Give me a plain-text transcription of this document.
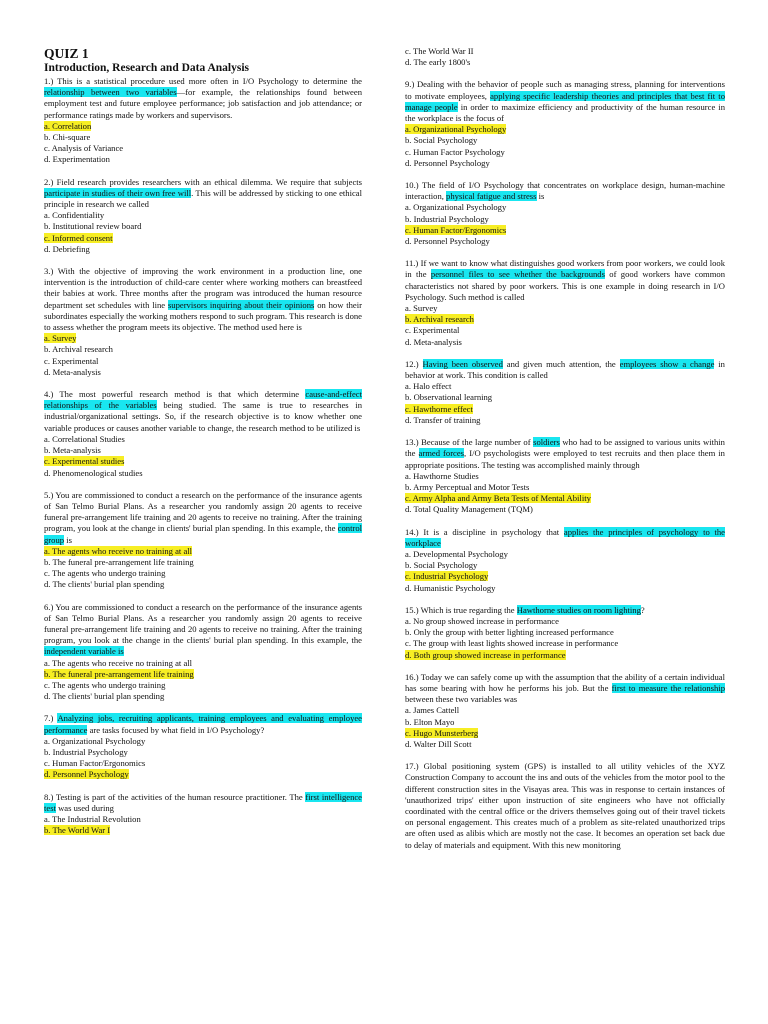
QUIZ 1

Introduction, Research and Data Analysis

1.) This is a statistical procedure used more often in I/O Psychology to determine the relationship between two variables—for example, the relationships found between employment test and future employee performance; job satisfaction and job attendance; or performance ratings made by workers and supervisors.

a. Correlation
b. Chi-square
c. Analysis of Variance
d. Experimentation

2.) Field research provides researchers with an ethical dilemma. We require that subjects participate in studies of their own free will. This will be addressed by sticking to one ethical principle in research we called

a. Confidentiality
b. Institutional review board
c. Informed consent
d. Debriefing

3.) With the objective of improving the work environment in a production line, one intervention is the introduction of child-care center where working mothers can breastfeed their babies at work. Three months after the program was introduced the human resource department set schedules with line supervisors inquiring about their opinions on how their subordinates especially the working mothers respond to such program. This research is done to assess whether the program meets its objective. The method used here is

a. Survey
b. Archival research
c. Experimental
d. Meta-analysis

4.) The most powerful research method is that which determine cause-and-effect relationships of the variables being studied. The same is true to researches in industrial/organizational settings. So, if the research objective is to know whether one variable produces or causes another variable to change, the research method to be utilized is

a. Correlational Studies
b. Meta-analysis
c. Experimental studies
d. Phenomenological studies

5.) You are commissioned to conduct a research on the performance of the insurance agents of San Telmo Burial Plans. As a researcher you randomly assign 20 agents to receive funeral pre-arrangement life training and 20 agents to receive no training. After the training program, you look at the change in clients' burial plan spending. In this example, the control group is

a. The agents who receive no training at all
b. The funeral pre-arrangement life training
c. The agents who undergo training
d. The clients' burial plan spending

6.) You are commissioned to conduct a research on the performance of the insurance agents of San Telmo Burial Plans. As a researcher you randomly assign 20 agents to receive funeral pre-arrangement life training and 20 agents to receive no training. After the training program, you look at the change in the clients' burial plan spending. In this example, the independent variable is

a. The agents who receive no training at all
b. The funeral pre-arrangement life training
c. The agents who undergo training
d. The clients' burial plan spending

7.) Analyzing jobs, recruiting applicants, training employees and evaluating employee performance are tasks focused by what field in I/O Psychology?

a. Organizational Psychology
b. Industrial Psychology
c. Human Factor/Ergonomics
d. Personnel Psychology

8.) Testing is part of the activities of the human resource practitioner. The first intelligence test was used during

a. The Industrial Revolution
b. The World War I
c. The World War II
d. The early 1800's

9.) Dealing with the behavior of people such as managing stress, planning for interventions to motivate employees, applying specific leadership theories and principles that best fit to manage people in order to maximize efficiency and productivity of the human resource in the workplace is the focus of

a. Organizational Psychology
b. Social Psychology
c. Human Factor Psychology
d. Personnel Psychology

10.) The field of I/O Psychology that concentrates on workplace design, human-machine interaction, physical fatigue and stress is

a. Organizational Psychology
b. Industrial Psychology
c. Human Factor/Ergonomics
d. Personnel Psychology

11.) If we want to know what distinguishes good workers from poor workers, we could look in the personnel files to see whether the backgrounds of good workers have common characteristics not shared by poor workers. This is one example in doing research in I/O Psychology. Such method is called

a. Survey
b. Archival research
c. Experimental
d. Meta-analysis

12.) Having been observed and given much attention, the employees show a change in behavior at work. This condition is called

a. Halo effect
b. Observational learning
c. Hawthorne effect
d. Transfer of training

13.) Because of the large number of soldiers who had to be assigned to various units within the armed forces, I/O psychologists were employed to test recruits and then place them in appropriate positions. The testing was accomplished mainly through

a. Hawthorne Studies
b. Army Perceptual and Motor Tests
c. Army Alpha and Army Beta Tests of Mental Ability
d. Total Quality Management (TQM)

14.) It is a discipline in psychology that applies the principles of psychology to the workplace

a. Developmental Psychology
b. Social Psychology
c. Industrial Psychology
d. Humanistic Psychology

15.) Which is true regarding the Hawthorne studies on room lighting?

a. No group showed increase in performance
b. Only the group with better lighting increased performance
c. The group with least lights showed increase in performance
d. Both group showed increase in performance

16.) Today we can safely come up with the assumption that the ability of a certain individual has some bearing with how he performs his job. But the first to measure the relationship between these two variables was

a. James Cattell
b. Elton Mayo
c. Hugo Munsterberg
d. Walter Dill Scott

17.) Global positioning system (GPS) is installed to all utility vehicles of the XYZ Construction Company to account the ins and outs of the vehicles from the motor pool to the different construction sites in the Visayas area. This was in response to certain instances of 'unauthorized trips' either upon instruction of site engineers who have not officially coordinated with the central office or the drivers themselves going out of their travel tickets on personal engagement. This creates much of a problem as site-related unauthorized trips are often used as alibis which are mostly not the case. It becomes an operation set back due to delay of materials and equipment. With this new monitoring
